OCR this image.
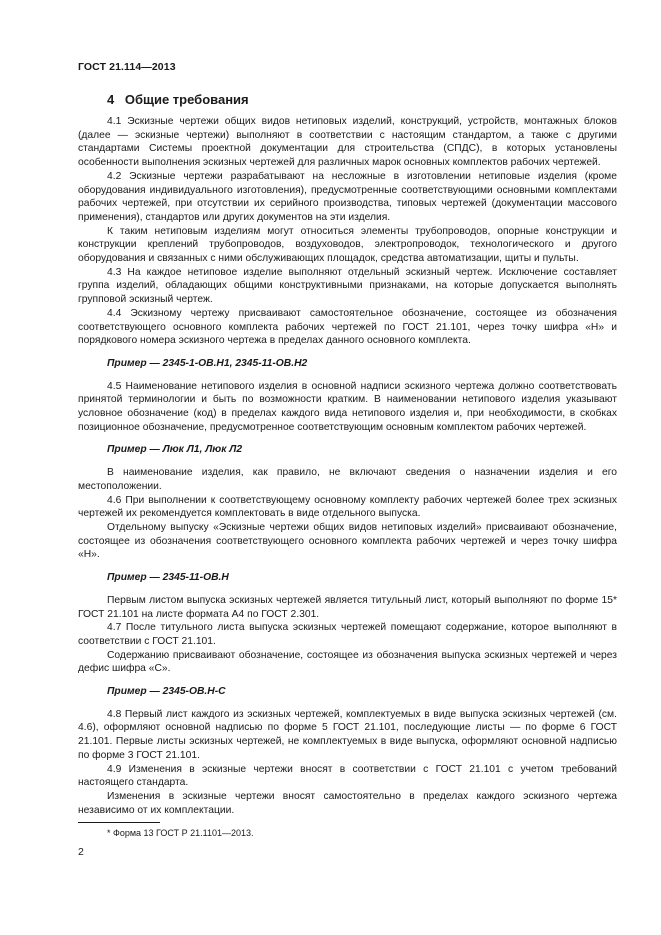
ГОСТ 21.114—2013
4 Общие требования

4.1 Эскизные чертежи общих видов нетиповых изделий, конструкций, устройств, монтажных блоков (далее — эскизные чертежи) выполняют в соответствии с настоящим стандартом, а также с другими стандартами Системы проектной документации для строительства (СПДС), в которых установлены особенности выполнения эскизных чертежей для различных марок основных комплектов рабочих чертежей.

4.2 Эскизные чертежи разрабатывают на несложные в изготовлении нетиповые изделия (кроме оборудования индивидуального изготовления), предусмотренные соответствующими основными комплектами рабочих чертежей, при отсутствии их серийного производства, типовых чертежей (документации массового применения), стандартов или других документов на эти изделия.

К таким нетиповым изделиям могут относиться элементы трубопроводов, опорные конструкции и конструкции креплений трубопроводов, воздуховодов, электропроводок, технологического и другого оборудования и связанных с ними обслуживающих площадок, средства автоматизации, щиты и пульты.

4.3 На каждое нетиповое изделие выполняют отдельный эскизный чертеж. Исключение составляет группа изделий, обладающих общими конструктивными признаками, на которые допускается выполнять групповой эскизный чертеж.

4.4 Эскизному чертежу присваивают самостоятельное обозначение, состоящее из обозначения соответствующего основного комплекта рабочих чертежей по ГОСТ 21.101, через точку шифра «Н» и порядкового номера эскизного чертежа в пределах данного основного комплекта.

Пример — 2345-1-ОВ.Н1, 2345-11-ОВ.Н2

4.5 Наименование нетипового изделия в основной надписи эскизного чертежа должно соответствовать принятой терминологии и быть по возможности кратким. В наименовании нетипового изделия указывают условное обозначение (код) в пределах каждого вида нетипового изделия и, при необходимости, в скобках позиционное обозначение, предусмотренное соответствующим основным комплектом рабочих чертежей.

Пример — Люк Л1, Люк Л2

В наименование изделия, как правило, не включают сведения о назначении изделия и его местоположении.

4.6 При выполнении к соответствующему основному комплекту рабочих чертежей более трех эскизных чертежей их рекомендуется комплектовать в виде отдельного выпуска.

Отдельному выпуску «Эскизные чертежи общих видов нетиповых изделий» присваивают обозначение, состоящее из обозначения соответствующего основного комплекта рабочих чертежей и через точку шифра «Н».

Пример — 2345-11-ОВ.Н

Первым листом выпуска эскизных чертежей является титульный лист, который выполняют по форме 15* ГОСТ 21.101 на листе формата А4 по ГОСТ 2.301.

4.7 После титульного листа выпуска эскизных чертежей помещают содержание, которое выполняют в соответствии с ГОСТ 21.101.

Содержанию присваивают обозначение, состоящее из обозначения выпуска эскизных чертежей и через дефис шифра «С».

Пример — 2345-ОВ.Н-С

4.8 Первый лист каждого из эскизных чертежей, комплектуемых в виде выпуска эскизных чертежей (см. 4.6), оформляют основной надписью по форме 5 ГОСТ 21.101, последующие листы — по форме 6 ГОСТ 21.101. Первые листы эскизных чертежей, не комплектуемых в виде выпуска, оформляют основной надписью по форме 3 ГОСТ 21.101.

4.9 Изменения в эскизные чертежи вносят в соответствии с ГОСТ 21.101 с учетом требований настоящего стандарта.

Изменения в эскизные чертежи вносят самостоятельно в пределах каждого эскизного чертежа независимо от их комплектации.

* Форма 13 ГОСТ Р 21.1101—2013.
2
